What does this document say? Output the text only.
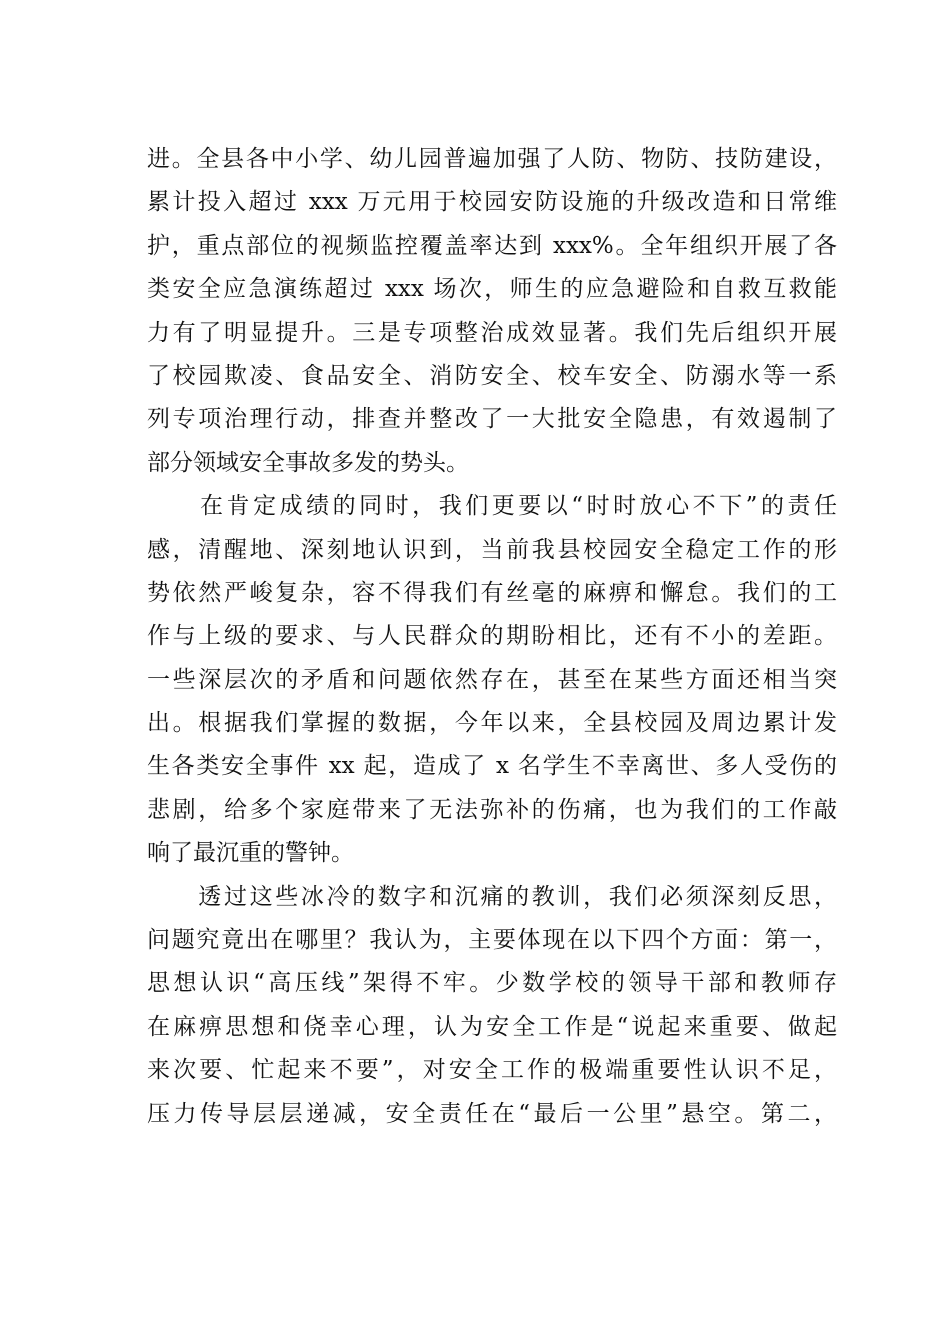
进。全县各中小学、幼儿园普遍加强了人防、物防、技防建设，
累计投入超过 xxx 万元用于校园安防设施的升级改造和日常维
护，重点部位的视频监控覆盖率达到 xxx%。全年组织开展了各
类安全应急演练超过 xxx 场次，师生的应急避险和自救互救能
力有了明显提升。三是专项整治成效显著。我们先后组织开展
了校园欺凌、食品安全、消防安全、校车安全、防溺水等一系
列专项治理行动，排查并整改了一大批安全隐患，有效遏制了
部分领域安全事故多发的势头。
　　在肯定成绩的同时，我们更要以“时时放心不下”的责任
感，清醒地、深刻地认识到，当前我县校园安全稳定工作的形
势依然严峻复杂，容不得我们有丝毫的麻痹和懈怠。我们的工
作与上级的要求、与人民群众的期盼相比，还有不小的差距。
一些深层次的矛盾和问题依然存在，甚至在某些方面还相当突
出。根据我们掌握的数据，今年以来，全县校园及周边累计发
生各类安全事件 xx 起，造成了 x 名学生不幸离世、多人受伤的
悲剧，给多个家庭带来了无法弥补的伤痛，也为我们的工作敲
响了最沉重的警钟。
　　透过这些冰冷的数字和沉痛的教训，我们必须深刻反思，
问题究竟出在哪里？我认为，主要体现在以下四个方面：第一，
思想认识“高压线”架得不牢。少数学校的领导干部和教师存
在麻痹思想和侥幸心理，认为安全工作是“说起来重要、做起
来次要、忙起来不要”，对安全工作的极端重要性认识不足，
压力传导层层递减，安全责任在“最后一公里”悬空。第二，
